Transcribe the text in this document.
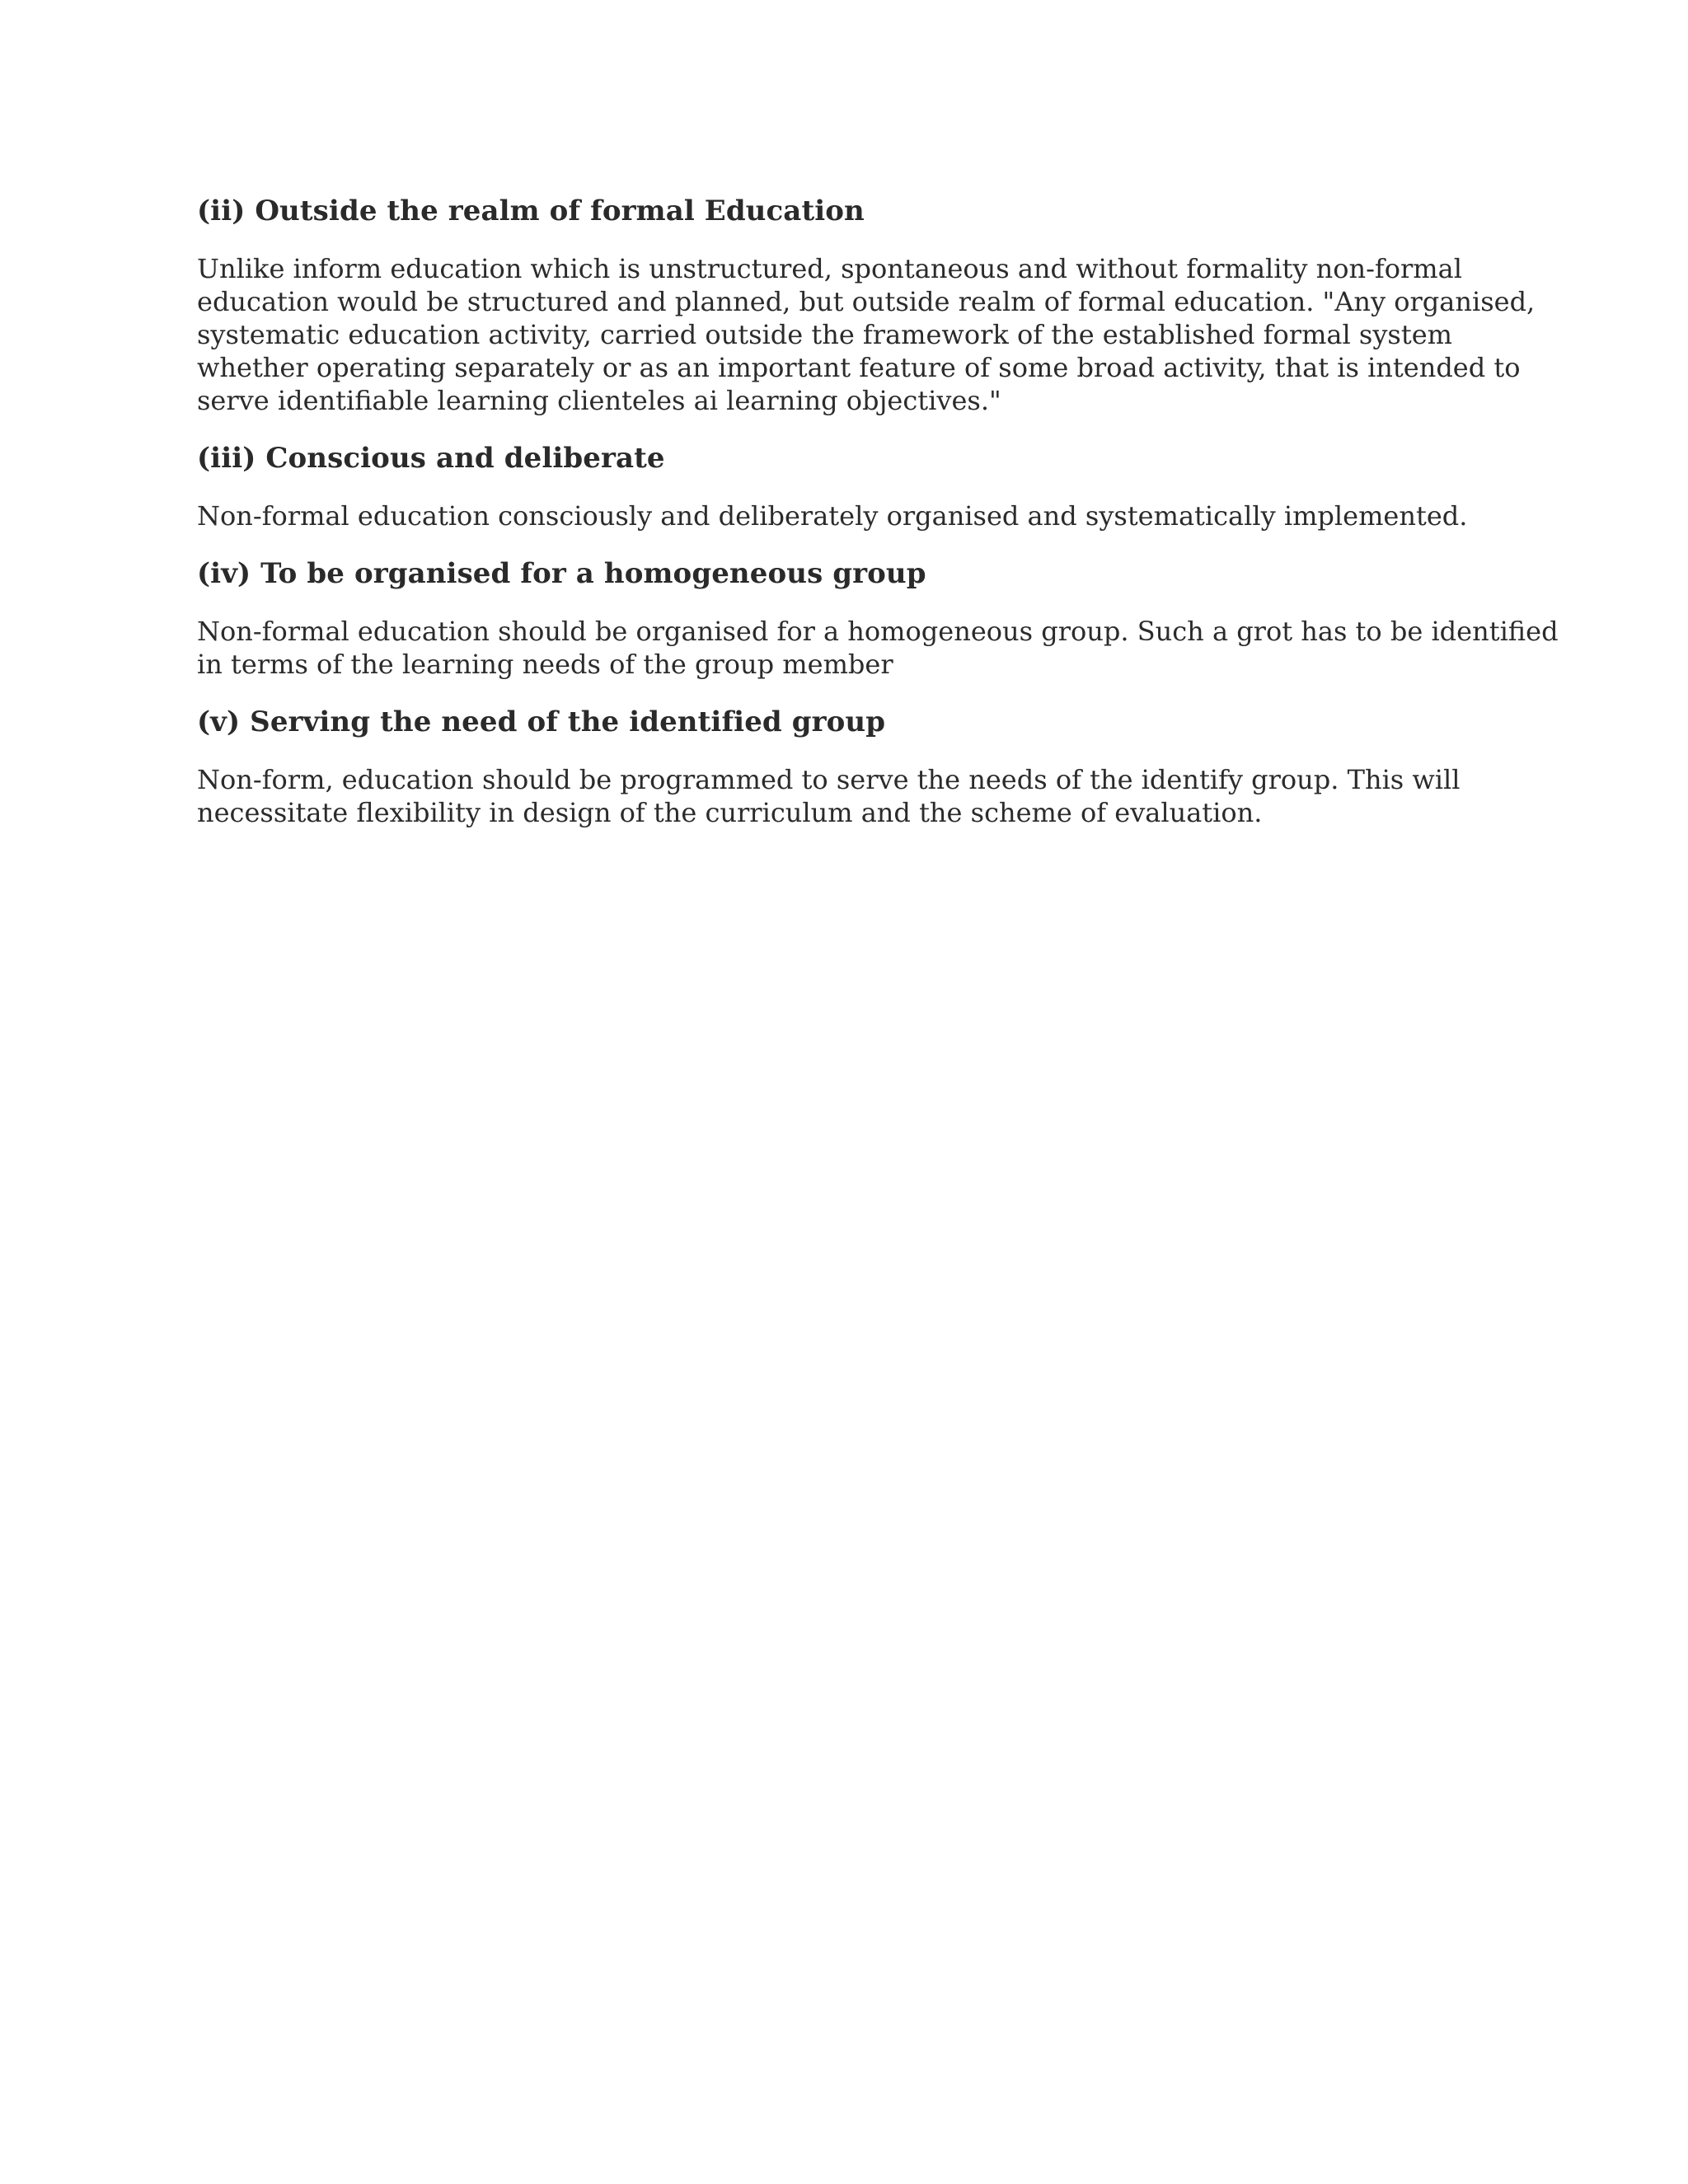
(ii) Outside the realm of formal Education

Unlike inform education which is unstructured, spontaneous and without formality non-formal
education would be structured and planned, but outside realm of formal education. "Any organised,
systematic education activity, carried outside the framework of the established formal system
whether operating separately or as an important feature of some broad activity, that is intended to
serve identifiable learning clienteles ai learning objectives."

(iii) Conscious and deliberate

Non-formal education consciously and deliberately organised and systematically implemented.

(iv) To be organised for a homogeneous group

Non-formal education should be organised for a homogeneous group. Such a grot has to be identified
in terms of the learning needs of the group member

(v) Serving the need of the identified group

Non-form, education should be programmed to serve the needs of the identify group. This will
necessitate flexibility in design of the curriculum and the scheme of evaluation.
